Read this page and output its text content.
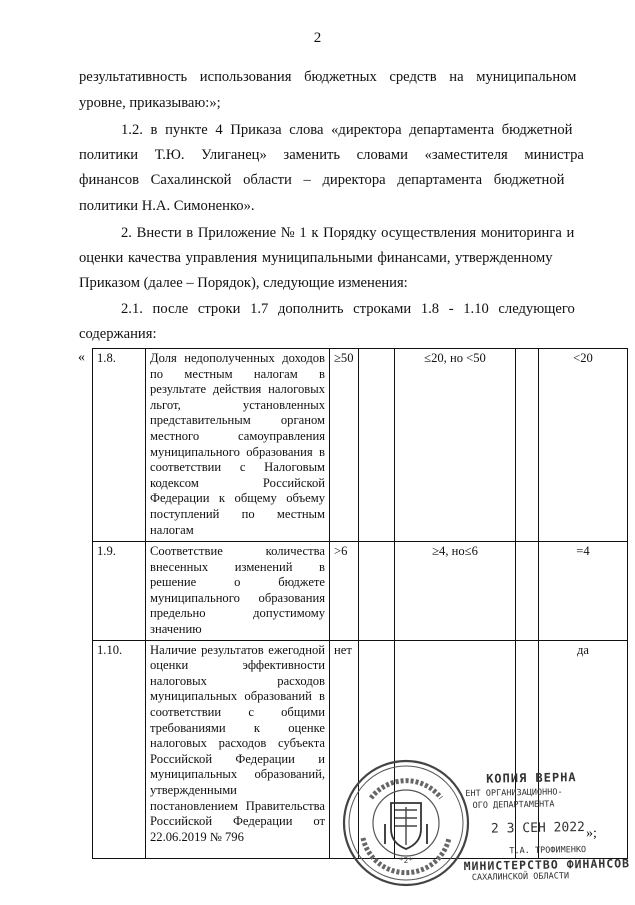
2
результативность использования бюджетных средств на муниципальном
уровне, приказываю:»;
1.2. в пункте 4 Приказа слова «директора департамента бюджетной
политики Т.Ю. Улиганец» заменить словами «заместителя министра
финансов Сахалинской области – директора департамента бюджетной
политики Н.А. Симоненко».
2. Внести в Приложение № 1 к Порядку осуществления мониторинга и
оценки качества управления муниципальными финансами, утвержденному
Приказом (далее – Порядок), следующие изменения:
2.1. после строки 1.7 дополнить строками 1.8 - 1.10 следующего
содержания:
« 1.8.	Доля недополученных доходов по местным налогам в результате действия налоговых льгот, установленных представительным органом местного самоуправления муниципального образования в соответствии с Налоговым кодексом Российской Федерации к общему объему поступлений по местным налогам	≥50		≤20, но <50		<20
1.9.	Соответствие количества внесенных изменений в решение о бюджете муниципального образования предельно допустимому значению	>6		≥4, но≤6		=4
1.10.	Наличие результатов ежегодной оценки эффективности налоговых расходов муниципальных образований в соответствии с общими требованиями к оценке налоговых расходов субъекта Российской Федерации и муниципальных образований, утвержденными постановлением Правительства Российской Федерации от 22.06.2019 № 796	нет				да
»;
*2*
КОПИЯ ВЕРНА
ЕНТ ОРГАНИЗАЦИОННО-
ОГО ДЕПАРТАМЕНТА
2 3 СЕН 2022
Т.А. ТРОФИМЕНКО
МИНИСТЕРСТВО ФИНАНСОВ
САХАЛИНСКОЙ ОБЛАСТИ
